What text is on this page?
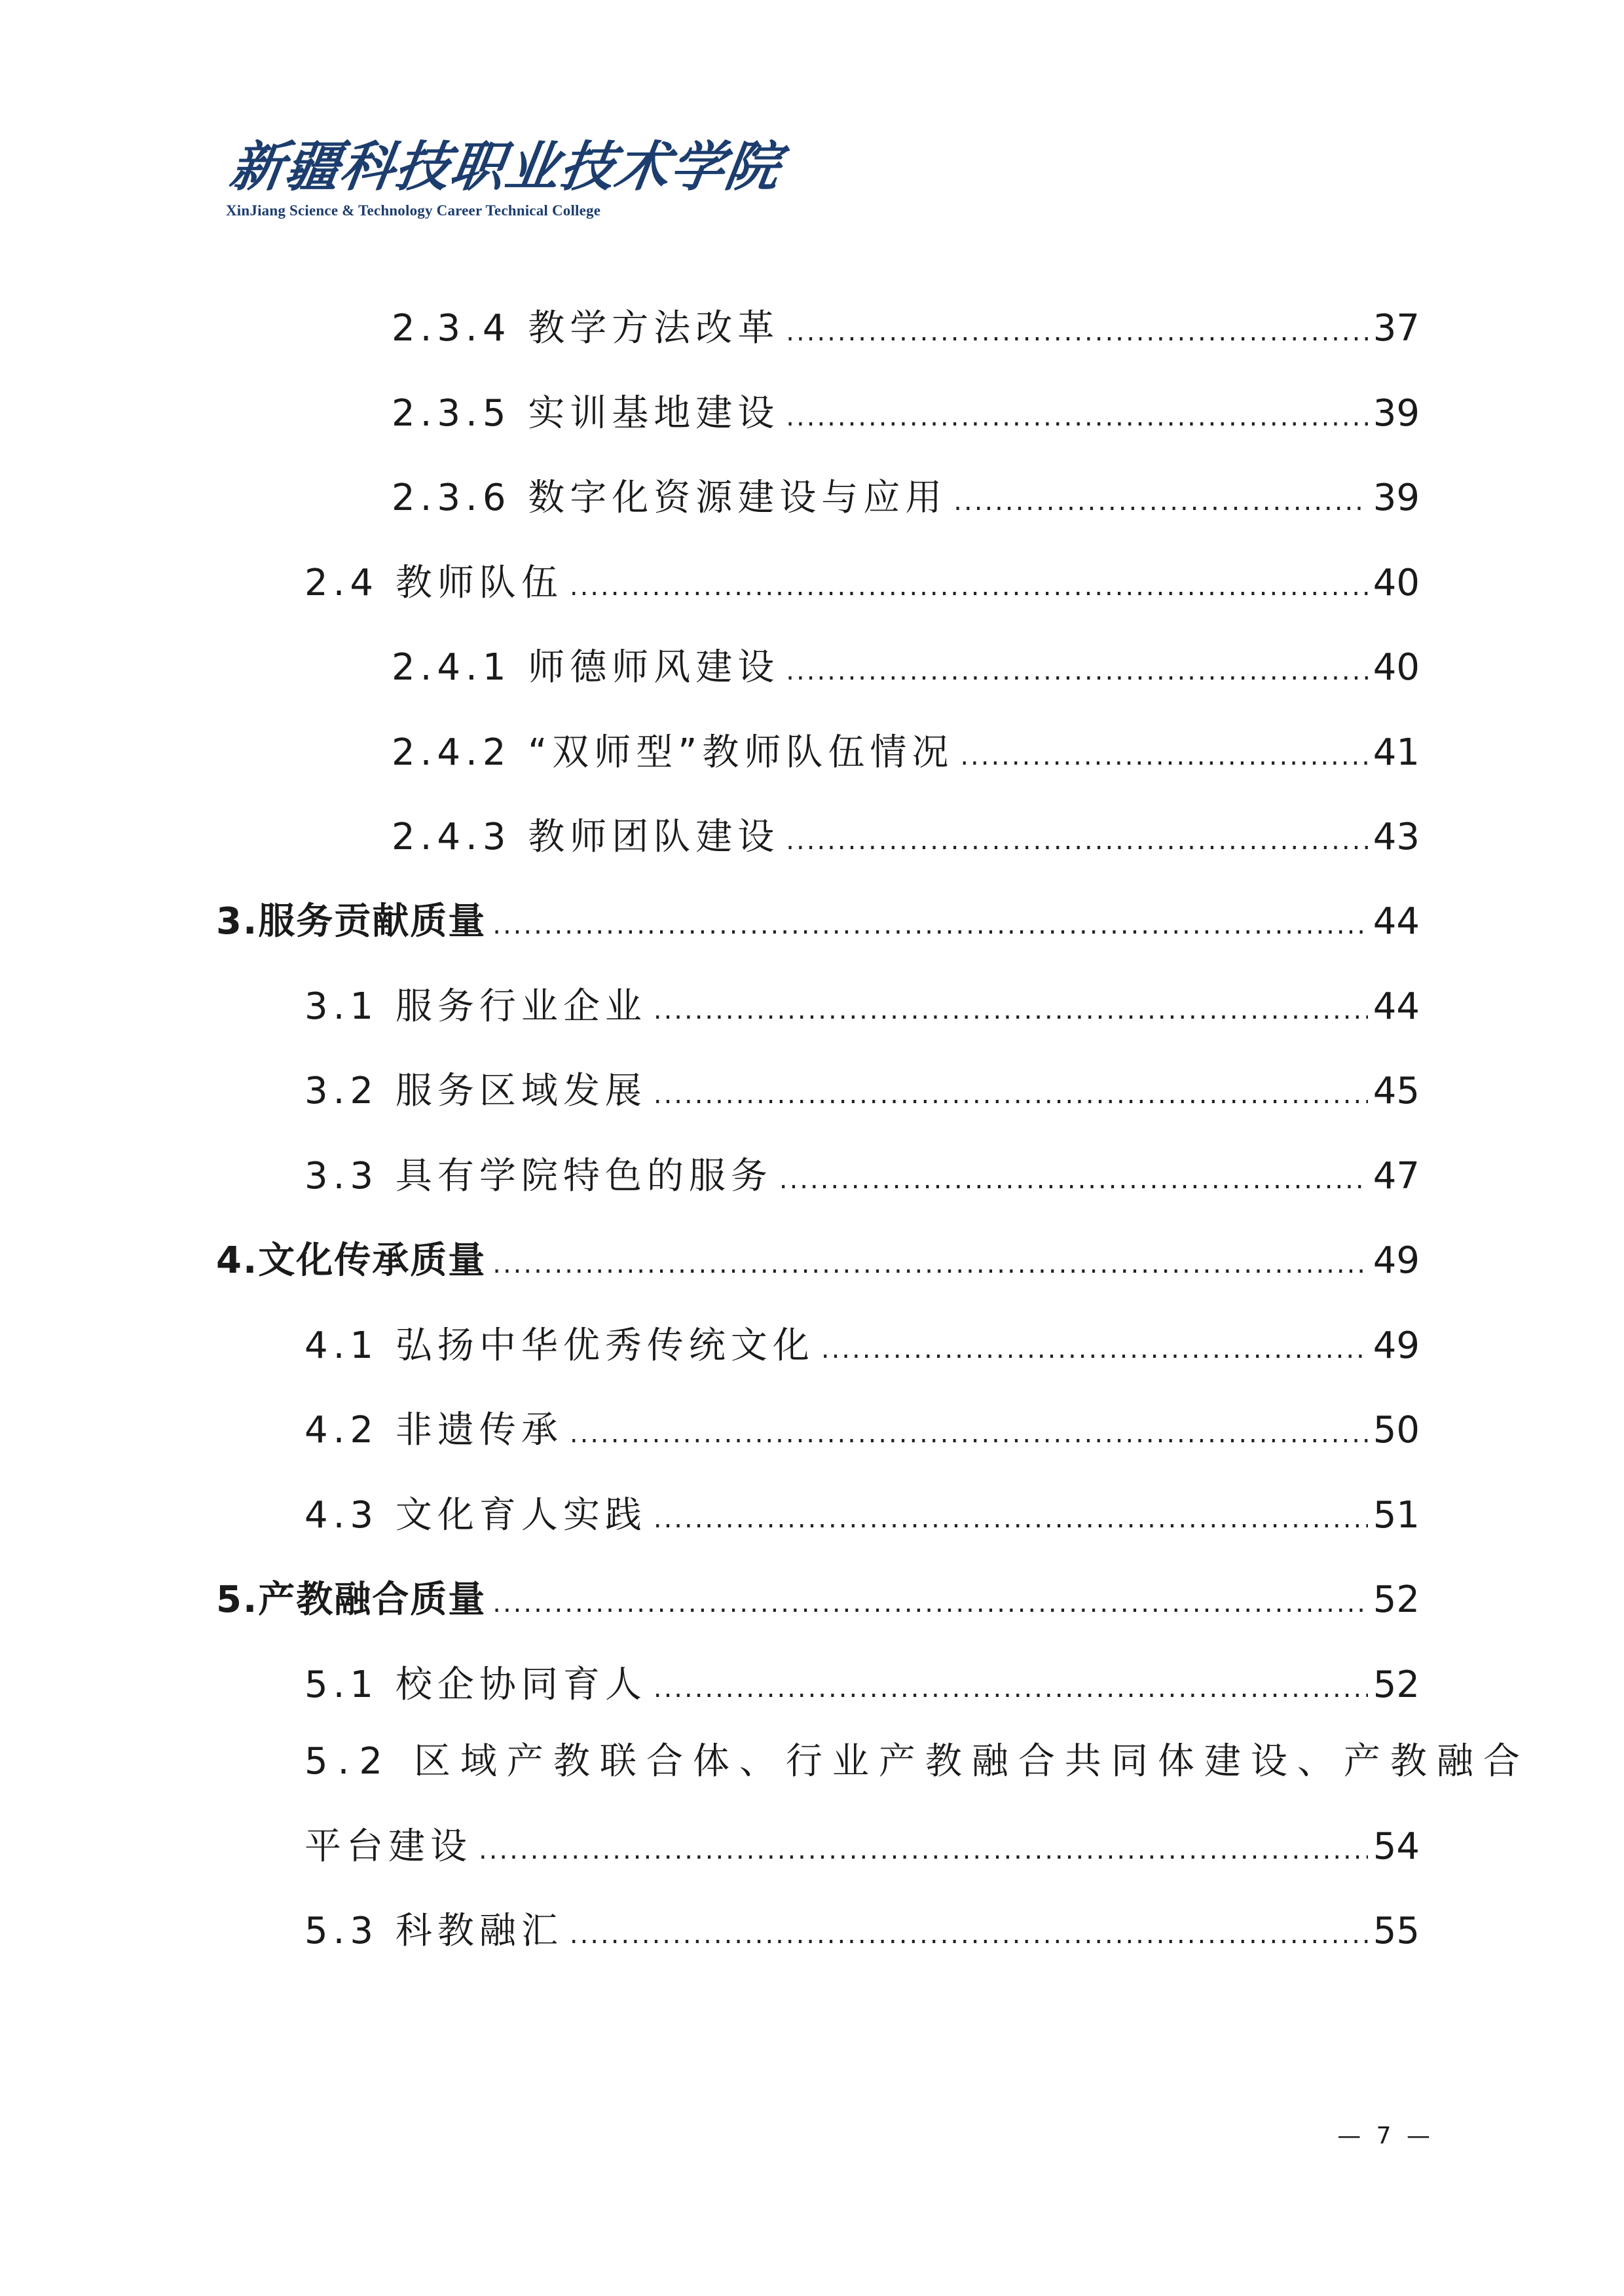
新疆科技职业技术学院
XinJiang Science & Technology Career Technical College
2.3.4 教学方法改革 .....	37
2.3.5 实训基地建设 .....	39
2.3.6 数字化资源建设与应用 .....	39
2.4 教师队伍 .....	40
2.4.1 师德师风建设 .....	40
2.4.2 “双师型”教师队伍情况 .....	41
2.4.3 教师团队建设 .....	43
3.服务贡献质量 .....	44
3.1 服务行业企业 .....	44
3.2 服务区域发展 .....	45
3.3 具有学院特色的服务 .....	47
4.文化传承质量 .....	49
4.1 弘扬中华优秀传统文化 .....	49
4.2 非遗传承 .....	50
4.3 文化育人实践 .....	51
5.产教融合质量 .....	52
5.1 校企协同育人 .....	52
5.2 区域产教联合体、行业产教融合共同体建设、产教融合
平台建设 .....	54
5.3 科教融汇 .....	55
— 7 —
